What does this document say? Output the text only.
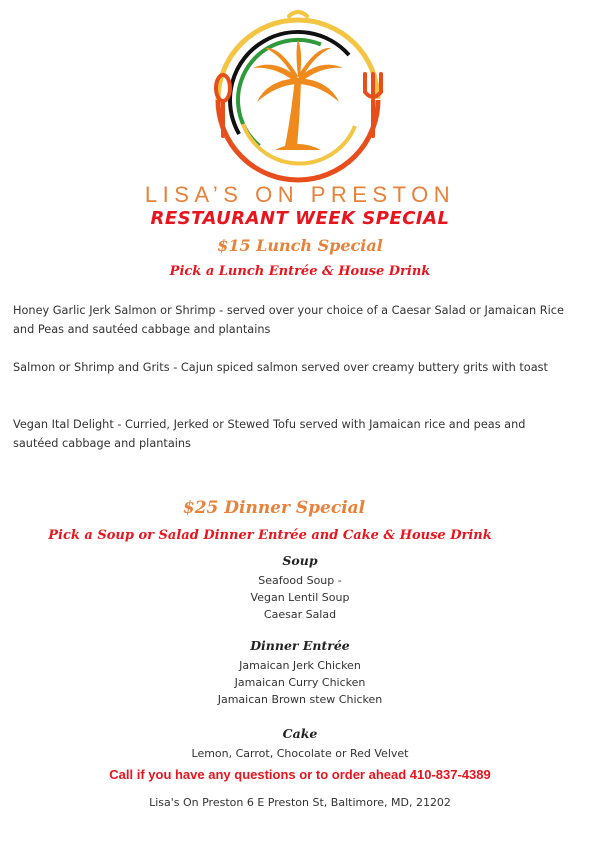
LISA’S ON PRESTON
RESTAURANT WEEK SPECIAL
$15 Lunch Special
Pick a Lunch Entrée & House Drink
Honey Garlic Jerk Salmon or Shrimp - served over your choice of a Caesar Salad or Jamaican Rice and Peas and sautéed cabbage and plantains
Salmon or Shrimp and Grits - Cajun spiced salmon served over creamy buttery grits with toast
Vegan Ital Delight - Curried, Jerked or Stewed Tofu served with Jamaican rice and peas and sautéed cabbage and plantains
$25 Dinner Special
Pick a Soup or Salad Dinner Entrée and Cake & House Drink
Soup
Seafood Soup -
Vegan Lentil Soup
Caesar Salad
Dinner Entrée
Jamaican Jerk Chicken
Jamaican Curry Chicken
Jamaican Brown stew Chicken
Cake
Lemon, Carrot, Chocolate or Red Velvet
Call if you have any questions or to order ahead 410-837-4389
Lisa's On Preston 6 E Preston St, Baltimore, MD, 21202
